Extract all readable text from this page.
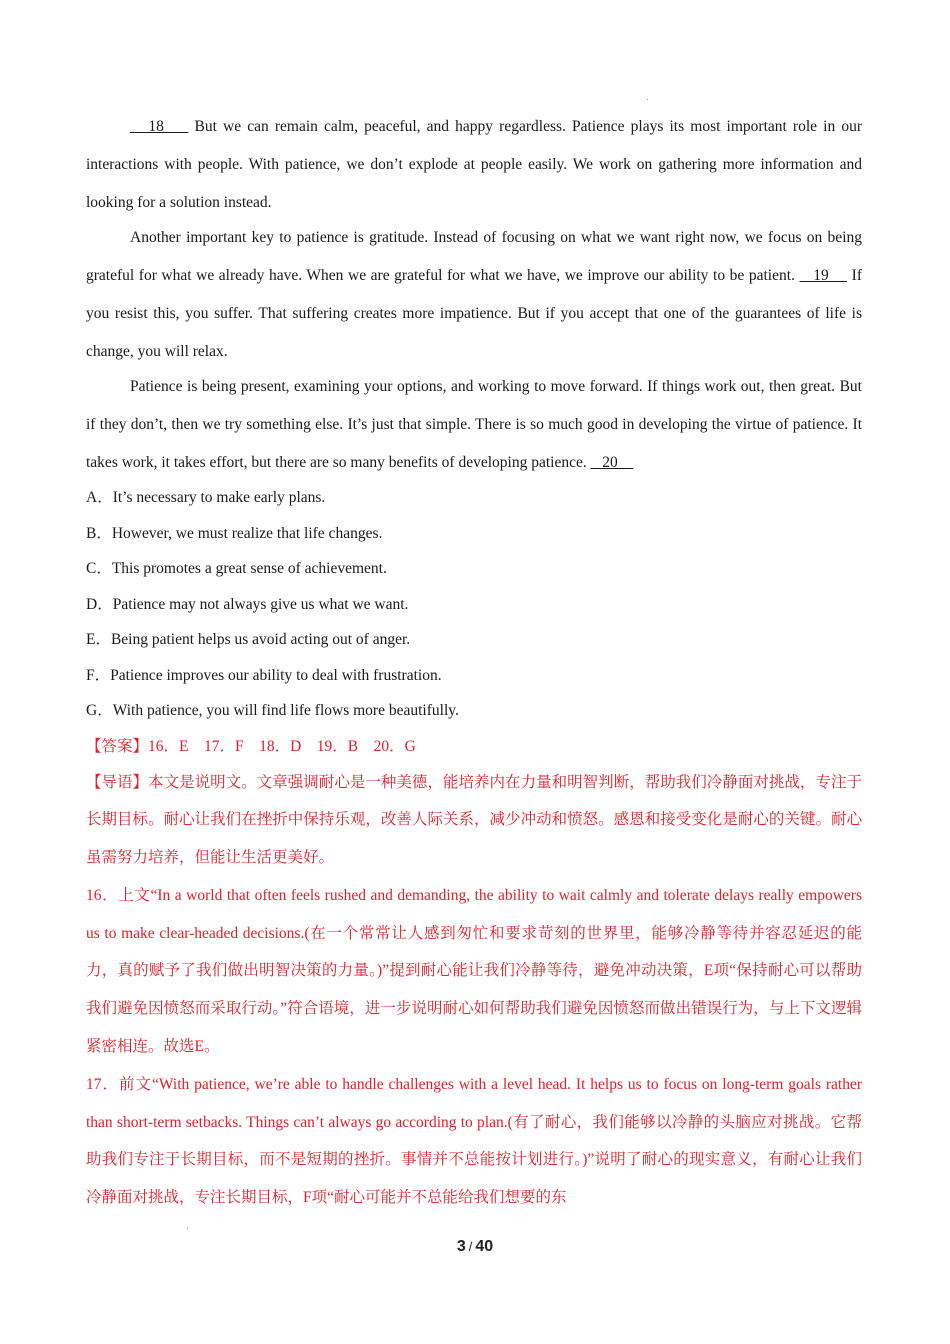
18     But we can remain calm, peaceful, and happy regardless. Patience plays its most important role in our interactions with people. With patience, we don’t explode at people easily. We work on gathering more information and looking for a solution instead.

Another important key to patience is gratitude. Instead of focusing on what we want right now, we focus on being grateful for what we already have. When we are grateful for what we have, we improve our ability to be patient.    19     If you resist this, you suffer. That suffering creates more impatience. But if you accept that one of the guarantees of life is change, you will relax.

Patience is being present, examining your options, and working to move forward. If things work out, then great. But if they don’t, then we try something else. It’s just that simple. There is so much good in developing the virtue of patience. It takes work, it takes effort, but there are so many benefits of developing patience.    20

A．It’s necessary to make early plans.

B．However, we must realize that life changes.

C．This promotes a great sense of achievement.

D．Patience may not always give us what we want.

E．Being patient helps us avoid acting out of anger.

F．Patience improves our ability to deal with frustration.

G．With patience, you will find life flows more beautifully.

【答案】16．E    17．F    18．D    19．B    20．G

【导语】本文是说明文。文章强调耐心是一种美德，能培养内在力量和明智判断，帮助我们冷静面对挑战，专注于长期目标。耐心让我们在挫折中保持乐观，改善人际关系，减少冲动和愤怒。感恩和接受变化是耐心的关键。耐心虽需努力培养，但能让生活更美好。

16．上文“In a world that often feels rushed and demanding, the ability to wait calmly and tolerate delays really empowers us to make clear-headed decisions.(在一个常常让人感到匆忙和要求苛刻的世界里，能够冷静等待并容忍延迟的能力，真的赋予了我们做出明智决策的力量。)”提到耐心能让我们冷静等待，避免冲动决策，E项“保持耐心可以帮助我们避免因愤怒而采取行动。”符合语境，进一步说明耐心如何帮助我们避免因愤怒而做出错误行为，与上下文逻辑紧密相连。故选E。

17．前文“With patience, we’re able to handle challenges with a level head. It helps us to focus on long-term goals rather than short-term setbacks. Things can’t always go according to plan.(有了耐心，我们能够以冷静的头脑应对挑战。它帮助我们专注于长期目标，而不是短期的挫折。事情并不总能按计划进行。)”说明了耐心的现实意义，有耐心让我们冷静面对挑战，专注长期目标，F项“耐心可能并不总能给我们想要的东

3 / 40
